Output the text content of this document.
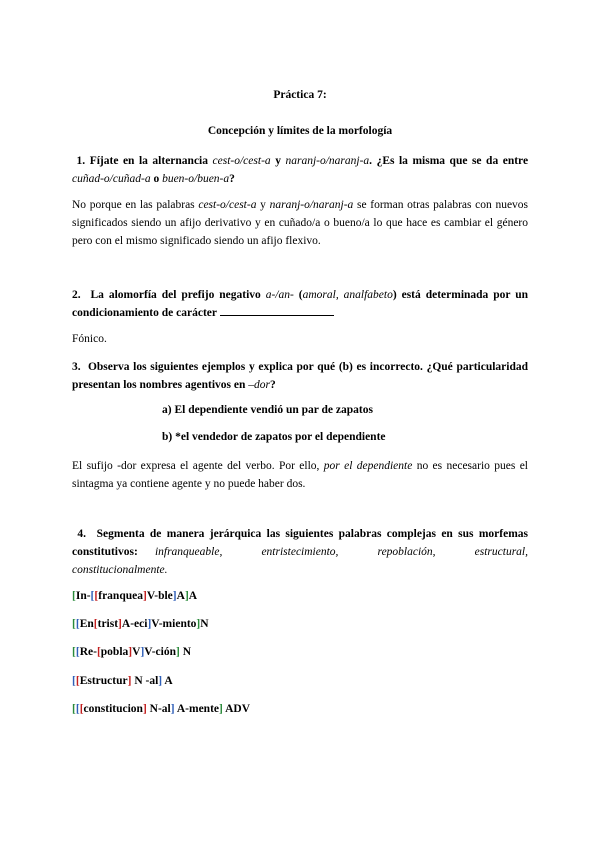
Práctica 7:
Concepción y límites de la morfología

1. Fíjate en la alternancia cest-o/cest-a y naranj-o/naranj-a. ¿Es la misma que se da entre cuñad-o/cuñad-a o buen-o/buen-a?

No porque en las palabras cest-o/cest-a y naranj-o/naranj-a se forman otras palabras con nuevos significados siendo un afijo derivativo y en cuñado/a o bueno/a lo que hace es cambiar el género pero con el mismo significado siendo un afijo flexivo.

2. La alomorfía del prefijo negativo a-/an- (amoral, analfabeto) está determinada por un condicionamiento de carácter

Fónico.

3. Observa los siguientes ejemplos y explica por qué (b) es incorrecto. ¿Qué particularidad presentan los nombres agentivos en –dor?

a) El dependiente vendió un par de zapatos
b) *el vendedor de zapatos por el dependiente

El sufijo -dor expresa el agente del verbo. Por ello, por el dependiente no es necesario pues el sintagma ya contiene agente y no puede haber dos.

4. Segmenta de manera jerárquica las siguientes palabras complejas en sus morfemas constitutivos: infranqueable, entristecimiento, repoblación, estructural, constitucionalmente.

[In-[[franquea]V-ble]A]A
[[En[trist]A-eci]V-miento]N
[[Re-[pobla]V]V-ción] N
[[Estructur] N -al] A
[[[constitucion] N-al] A-mente] ADV
